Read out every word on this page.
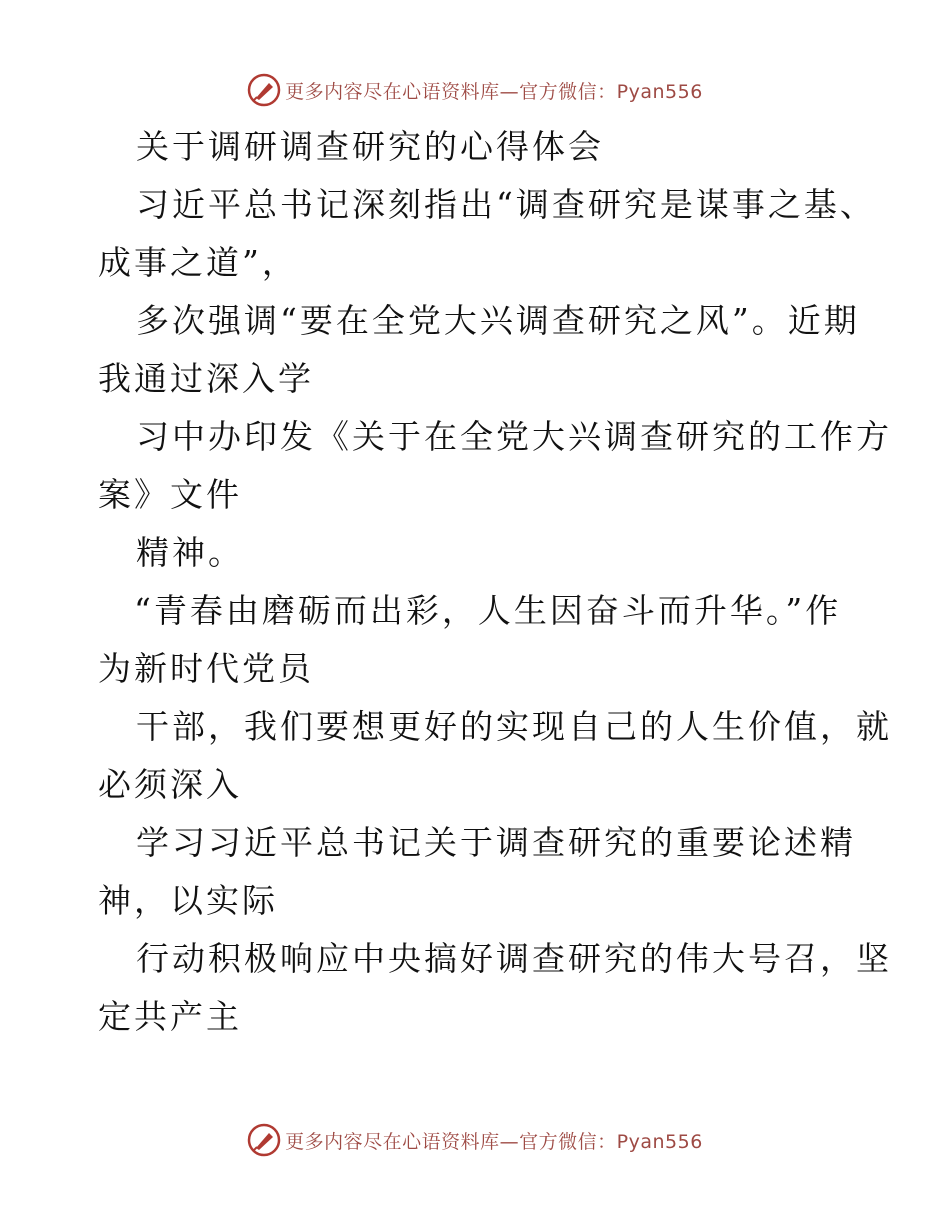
更多内容尽在心语资料库—官方微信：Pyan556

关于调研调查研究的心得体会

习近平总书记深刻指出“调查研究是谋事之基、

成事之道”，

多次强调“要在全党大兴调查研究之风”。近期

我通过深入学

习中办印发《关于在全党大兴调查研究的工作方

案》文件

精神。

“青春由磨砺而出彩，人生因奋斗而升华。”作

为新时代党员

干部，我们要想更好的实现自己的人生价值，就

必须深入

学习习近平总书记关于调查研究的重要论述精

神，以实际

行动积极响应中央搞好调查研究的伟大号召，坚

定共产主

更多内容尽在心语资料库—官方微信：Pyan556
